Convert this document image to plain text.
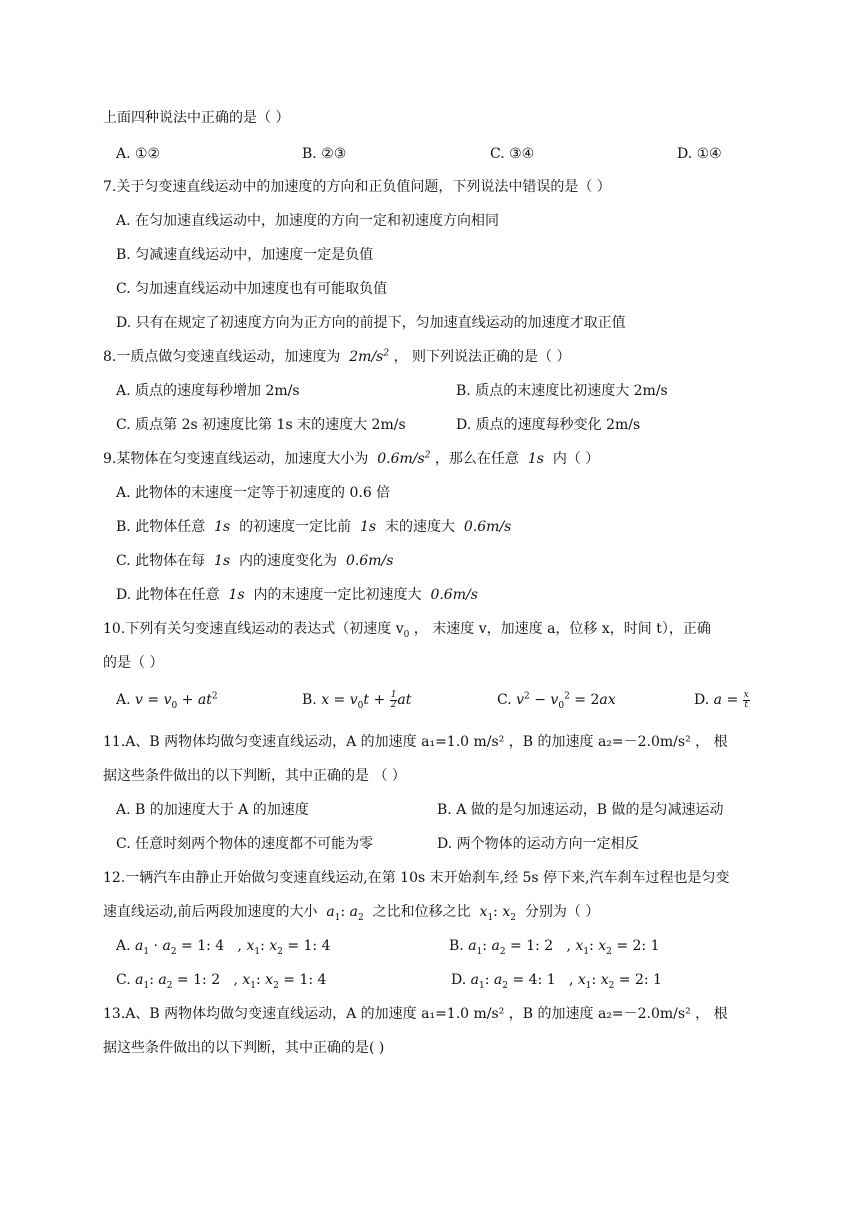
上面四种说法中正确的是（ ）
A. ①②	B. ②③	C. ③④	D. ①④
7.关于匀变速直线运动中的加速度的方向和正负值问题，下列说法中错误的是（ ）
A. 在匀加速直线运动中，加速度的方向一定和初速度方向相同
B. 匀减速直线运动中，加速度一定是负值
C. 匀加速直线运动中加速度也有可能取负值
D. 只有在规定了初速度方向为正方向的前提下，匀加速直线运动的加速度才取正值
8.一质点做匀变速直线运动，加速度为 $2m/s^2$ ， 则下列说法正确的是（ ）
A. 质点的速度每秒增加 2m/s	B. 质点的末速度比初速度大 2m/s
C. 质点第 2s 初速度比第 1s 末的速度大 2m/s	D. 质点的速度每秒变化 2m/s
9.某物体在匀变速直线运动，加速度大小为 $0.6m/s^2$ ，那么在任意 1s 内（ ）
A. 此物体的末速度一定等于初速度的 0.6 倍
B. 此物体任意 1s 的初速度一定比前 1s 末的速度大 0.6m/s
C. 此物体在每 1s 内的速度变化为 0.6m/s
D. 此物体在任意 1s 内的末速度一定比初速度大 0.6m/s
10.下列有关匀变速直线运动的表达式（初速度 $v_0$ ， 末速度 v，加速度 a，位移 x，时间 t），正确
的是（ ）
A. $v = v_0 + at^2$	B. $x = v_0t + \frac{1}{2}$ at	C. $v^2 - v_0^2 = 2ax$	D. $a = \frac{x}{t}$
11.A、B 两物体均做匀变速直线运动，A 的加速度 a₁=1.0 m/s² ，B 的加速度 a₂=－2.0m/s² ， 根
据这些条件做出的以下判断，其中正确的是 （ ）
A. B 的加速度大于 A 的加速度	B. A 做的是匀加速运动，B 做的是匀减速运动
C. 任意时刻两个物体的速度都不可能为零	D. 两个物体的运动方向一定相反
12.一辆汽车由静止开始做匀变速直线运动,在第 10s 末开始刹车,经 5s 停下来,汽车刹车过程也是匀变
速直线运动,前后两段加速度的大小 $a_1$: $a_2$ 之比和位移之比 $x_1$: $x_2$ 分别为（ ）
A. $a_1 \cdot a_2 = 1$: 4   , $x_1$: $x_2 = 1$: 4	B. $a_1$: $a_2 = 1$: 2   , $x_1$: $x_2 = 2$: 1
C. $a_1$: $a_2 = 1$: 2   , $x_1$: $x_2 = 1$: 4	D. $a_1$: $a_2 = 4$: 1   , $x_1$: $x_2 = 2$: 1
13.A、B 两物体均做匀变速直线运动，A 的加速度 a₁=1.0 m/s² ，B 的加速度 a₂=－2.0m/s² ， 根
据这些条件做出的以下判断，其中正确的是( )
